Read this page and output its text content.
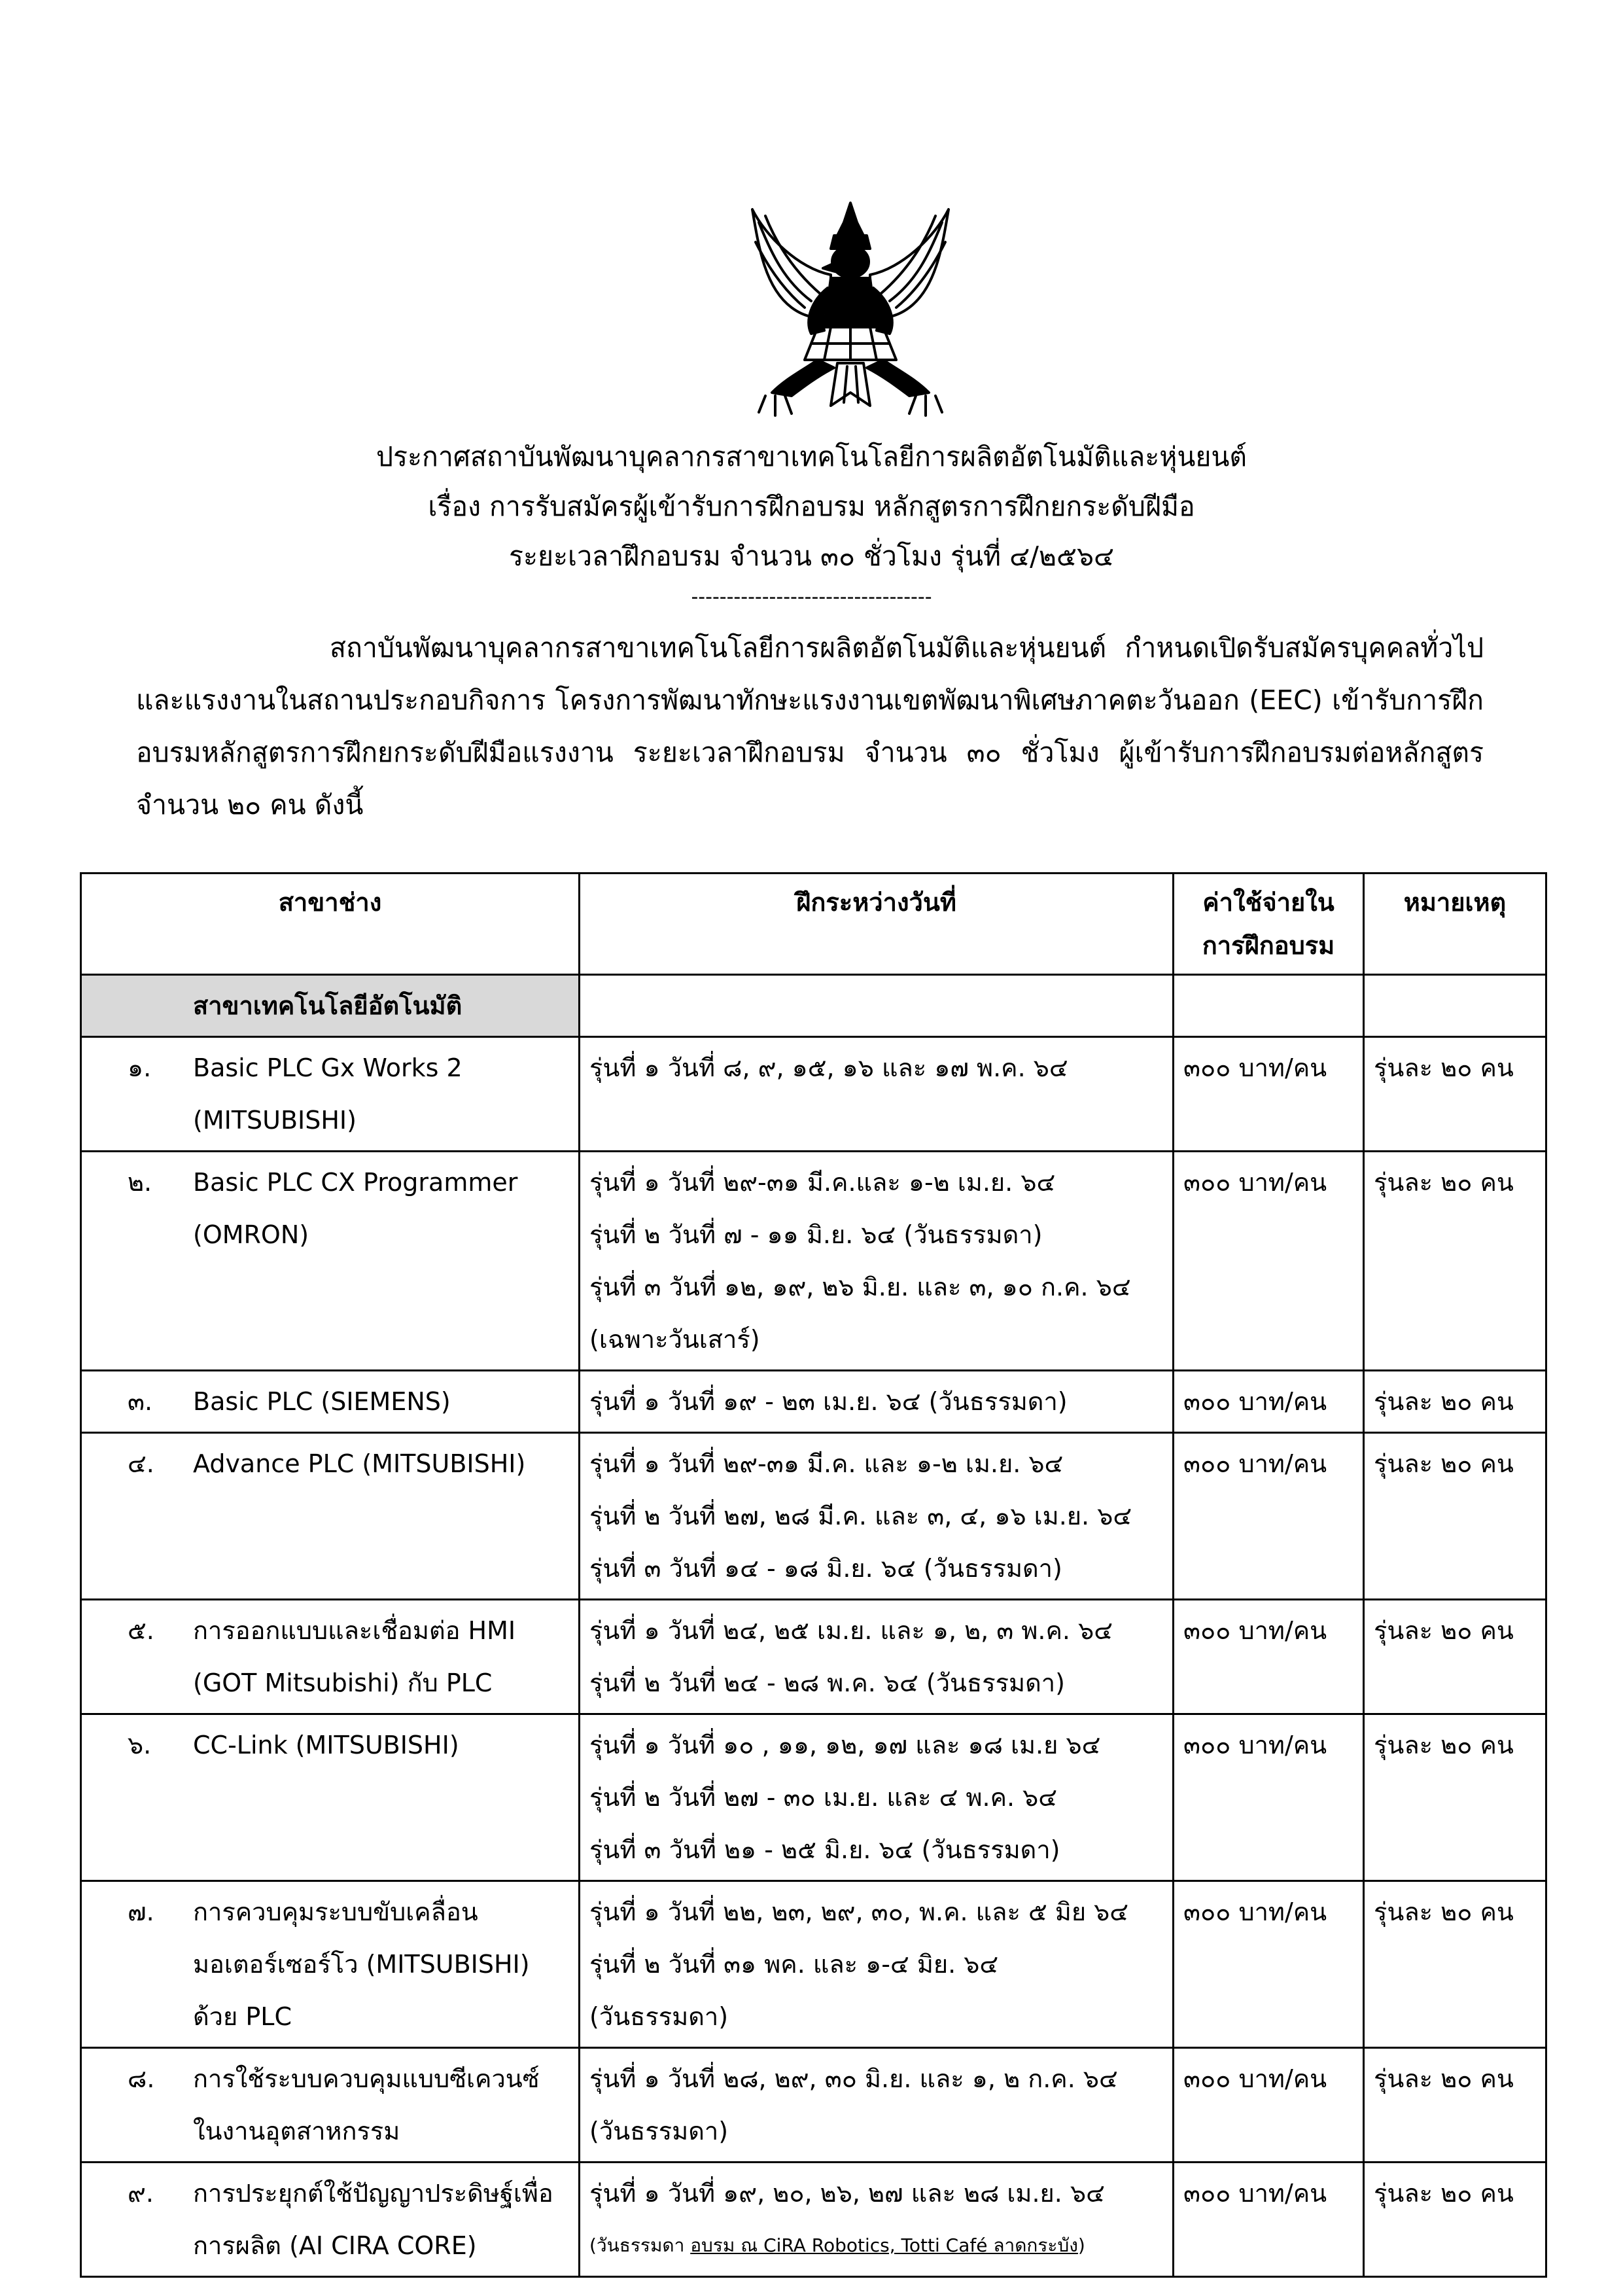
ประกาศสถาบันพัฒนาบุคลากรสาขาเทคโนโลยีการผลิตอัตโนมัติและหุ่นยนต์
เรื่อง การรับสมัครผู้เข้ารับการฝึกอบรม หลักสูตรการฝึกยกระดับฝีมือ
ระยะเวลาฝึกอบรม จำนวน ๓๐ ชั่วโมง รุ่นที่ ๔/๒๕๖๔
----------------------------------

สถาบันพัฒนาบุคลากรสาขาเทคโนโลยีการผลิตอัตโนมัติและหุ่นยนต์ กำหนดเปิดรับสมัครบุคคลทั่วไปและแรงงานในสถานประกอบกิจการ โครงการพัฒนาทักษะแรงงานเขตพัฒนาพิเศษภาคตะวันออก (EEC) เข้ารับการฝึกอบรมหลักสูตรการฝึกยกระดับฝีมือแรงงาน ระยะเวลาฝึกอบรม จำนวน ๓๐ ชั่วโมง ผู้เข้ารับการฝึกอบรมต่อหลักสูตร จำนวน ๒๐ คน ดังนี้

สาขาช่าง	ฝึกระหว่างวันที่	ค่าใช้จ่ายใน
การฝึกอบรม	หมายเหตุ
สาขาเทคโนโลยีอัตโนมัติ			

๑. Basic PLC Gx Works 2
(MITSUBISHI)	รุ่นที่ ๑ วันที่ ๘, ๙, ๑๕, ๑๖ และ ๑๗ พ.ค. ๖๔	๓๐๐ บาท/คน	รุ่นละ ๒๐ คน

๒. Basic PLC CX Programmer
(OMRON)	รุ่นที่ ๑ วันที่ ๒๙-๓๑ มี.ค.และ ๑-๒ เม.ย. ๖๔
รุ่นที่ ๒ วันที่ ๗ - ๑๑ มิ.ย. ๖๔ (วันธรรมดา)
รุ่นที่ ๓ วันที่ ๑๒, ๑๙, ๒๖ มิ.ย. และ ๓, ๑๐ ก.ค. ๖๔
(เฉพาะวันเสาร์)	๓๐๐ บาท/คน	รุ่นละ ๒๐ คน

๓. Basic PLC (SIEMENS)	รุ่นที่ ๑ วันที่ ๑๙ - ๒๓ เม.ย. ๖๔ (วันธรรมดา)	๓๐๐ บาท/คน	รุ่นละ ๒๐ คน

๔. Advance PLC (MITSUBISHI)	รุ่นที่ ๑ วันที่ ๒๙-๓๑ มี.ค. และ ๑-๒ เม.ย. ๖๔
รุ่นที่ ๒ วันที่ ๒๗, ๒๘ มี.ค. และ ๓, ๔, ๑๖ เม.ย. ๖๔
รุ่นที่ ๓ วันที่ ๑๔ - ๑๘ มิ.ย. ๖๔ (วันธรรมดา)	๓๐๐ บาท/คน	รุ่นละ ๒๐ คน

๕. การออกแบบและเชื่อมต่อ HMI
(GOT Mitsubishi) กับ PLC	รุ่นที่ ๑ วันที่ ๒๔, ๒๕ เม.ย. และ ๑, ๒, ๓ พ.ค. ๖๔
รุ่นที่ ๒ วันที่ ๒๔ - ๒๘ พ.ค. ๖๔ (วันธรรมดา)	๓๐๐ บาท/คน	รุ่นละ ๒๐ คน

๖. CC-Link (MITSUBISHI)	รุ่นที่ ๑ วันที่ ๑๐ , ๑๑, ๑๒, ๑๗ และ ๑๘ เม.ย ๖๔
รุ่นที่ ๒ วันที่ ๒๗ - ๓๐ เม.ย. และ ๔ พ.ค. ๖๔
รุ่นที่ ๓ วันที่ ๒๑ - ๒๕ มิ.ย. ๖๔ (วันธรรมดา)	๓๐๐ บาท/คน	รุ่นละ ๒๐ คน

๗. การควบคุมระบบขับเคลื่อน
มอเตอร์เซอร์โว (MITSUBISHI)
ด้วย PLC	รุ่นที่ ๑ วันที่ ๒๒, ๒๓, ๒๙, ๓๐, พ.ค. และ ๕ มิย ๖๔
รุ่นที่ ๒ วันที่ ๓๑ พค. และ ๑-๔ มิย. ๖๔
(วันธรรมดา)	๓๐๐ บาท/คน	รุ่นละ ๒๐ คน

๘. การใช้ระบบควบคุมแบบซีเควนซ์
ในงานอุตสาหกรรม	รุ่นที่ ๑ วันที่ ๒๘, ๒๙, ๓๐ มิ.ย. และ ๑, ๒ ก.ค. ๖๔
(วันธรรมดา)	๓๐๐ บาท/คน	รุ่นละ ๒๐ คน

๙. การประยุกต์ใช้ปัญญาประดิษฐ์เพื่อ
การผลิต (AI CIRA CORE)	รุ่นที่ ๑ วันที่ ๑๙, ๒๐, ๒๖, ๒๗ และ ๒๘ เม.ย. ๖๔
(วันธรรมดา อบรม ณ CiRA Robotics, Totti Café ลาดกระบัง)	๓๐๐ บาท/คน	รุ่นละ ๒๐ คน
